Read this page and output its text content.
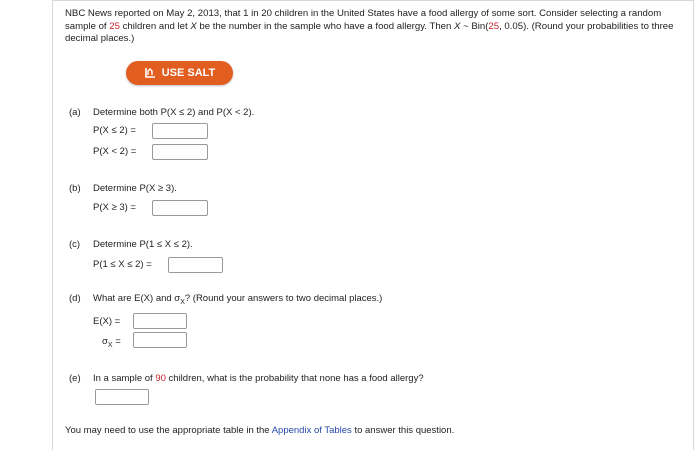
NBC News reported on May 2, 2013, that 1 in 20 children in the United States have a food allergy of some sort. Consider selecting a random sample of 25 children and let X be the number in the sample who have a food allergy. Then X ~ Bin(25, 0.05). (Round your probabilities to three decimal places.)
USE SALT
(a) Determine both P(X ≤ 2) and P(X < 2).
P(X ≤ 2) =
P(X < 2) =
(b) Determine P(X ≥ 3).
P(X ≥ 3) =
(c) Determine P(1 ≤ X ≤ 2).
P(1 ≤ X ≤ 2) =
(d) What are E(X) and $\sigma_X$? (Round your answers to two decimal places.)
E(X) =
$\sigma_X$ =
(e) In a sample of 90 children, what is the probability that none has a food allergy?
You may need to use the appropriate table in the Appendix of Tables to answer this question.
